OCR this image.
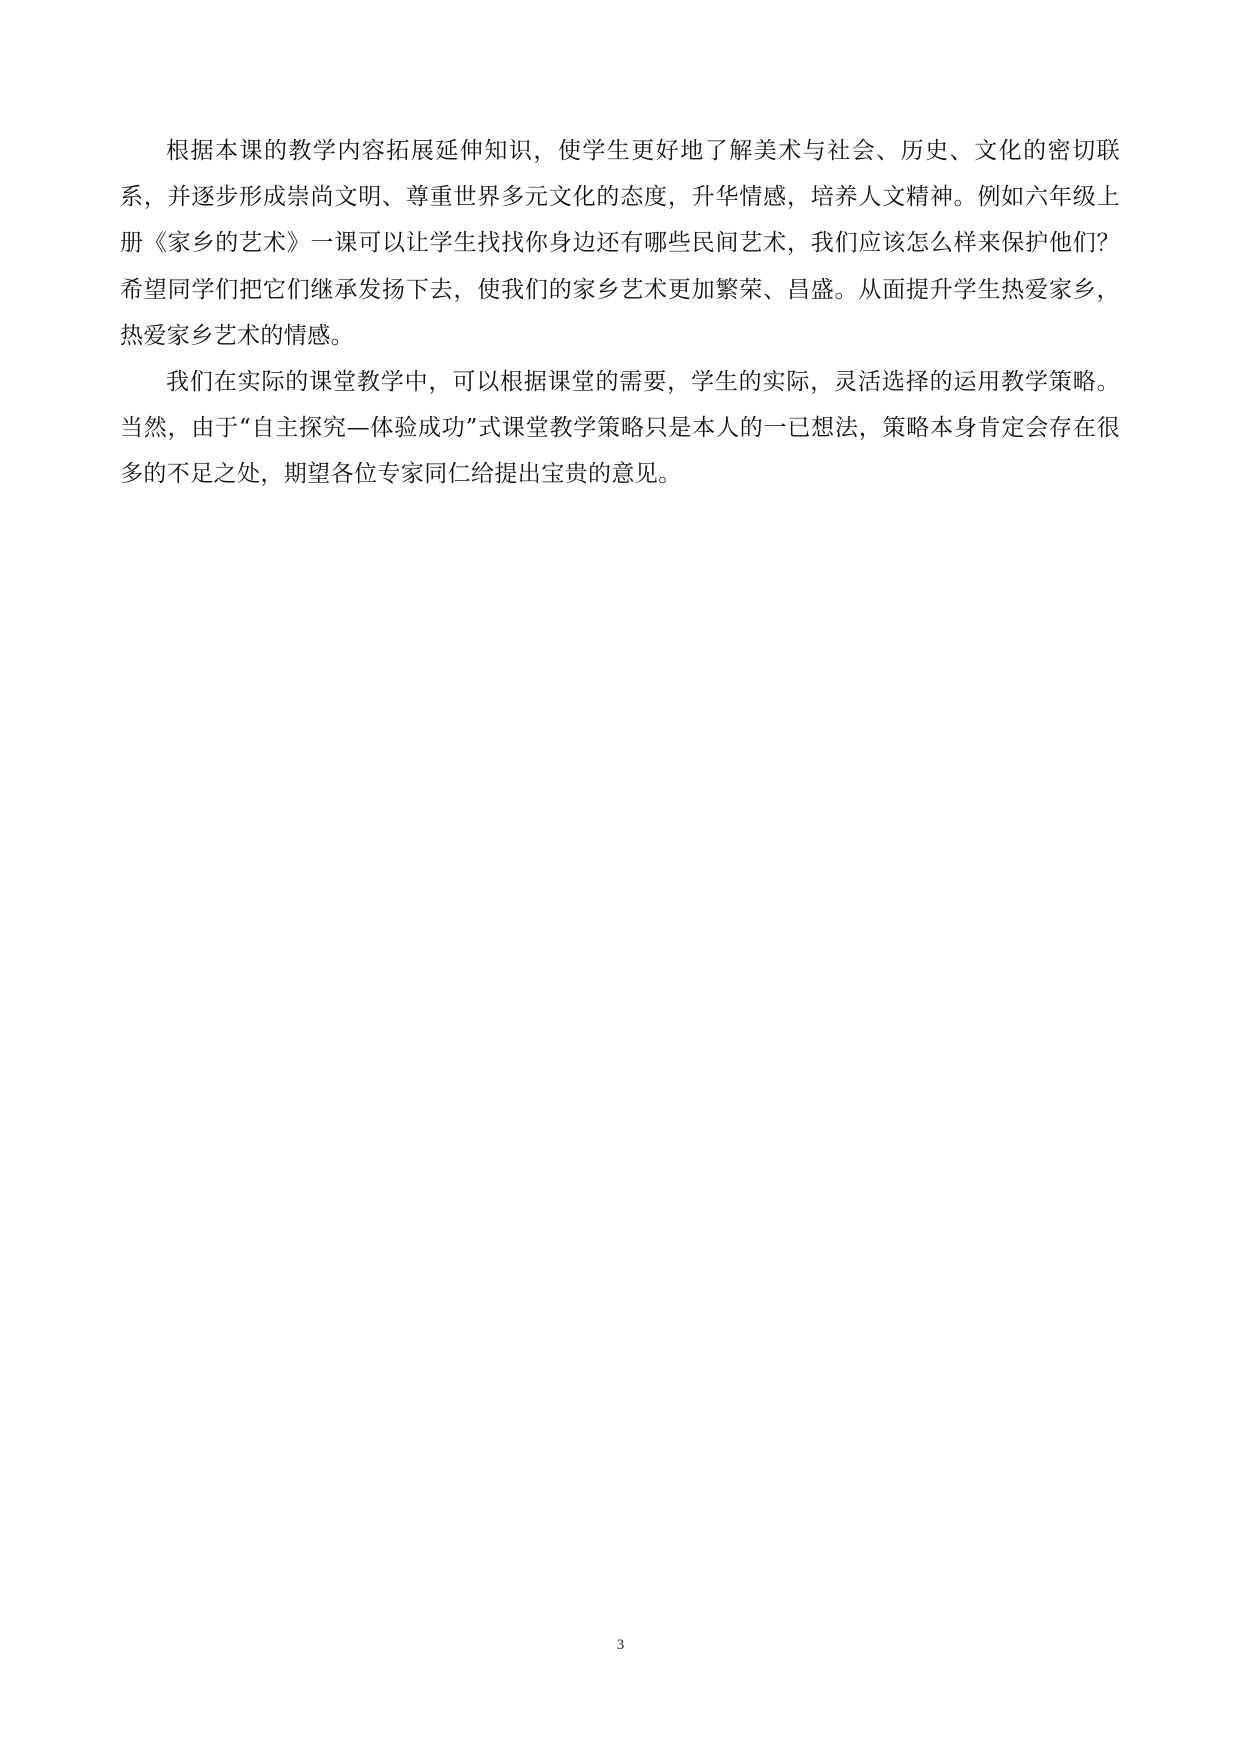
根据本课的教学内容拓展延伸知识，使学生更好地了解美术与社会、历史、文化的密切联系，并逐步形成崇尚文明、尊重世界多元文化的态度，升华情感，培养人文精神。例如六年级上册《家乡的艺术》一课可以让学生找找你身边还有哪些民间艺术，我们应该怎么样来保护他们？希望同学们把它们继承发扬下去，使我们的家乡艺术更加繁荣、昌盛。从面提升学生热爱家乡，热爱家乡艺术的情感。

我们在实际的课堂教学中，可以根据课堂的需要，学生的实际，灵活选择的运用教学策略。当然，由于“自主探究—体验成功”式课堂教学策略只是本人的一已想法，策略本身肯定会存在很多的不足之处，期望各位专家同仁给提出宝贵的意见。

3
